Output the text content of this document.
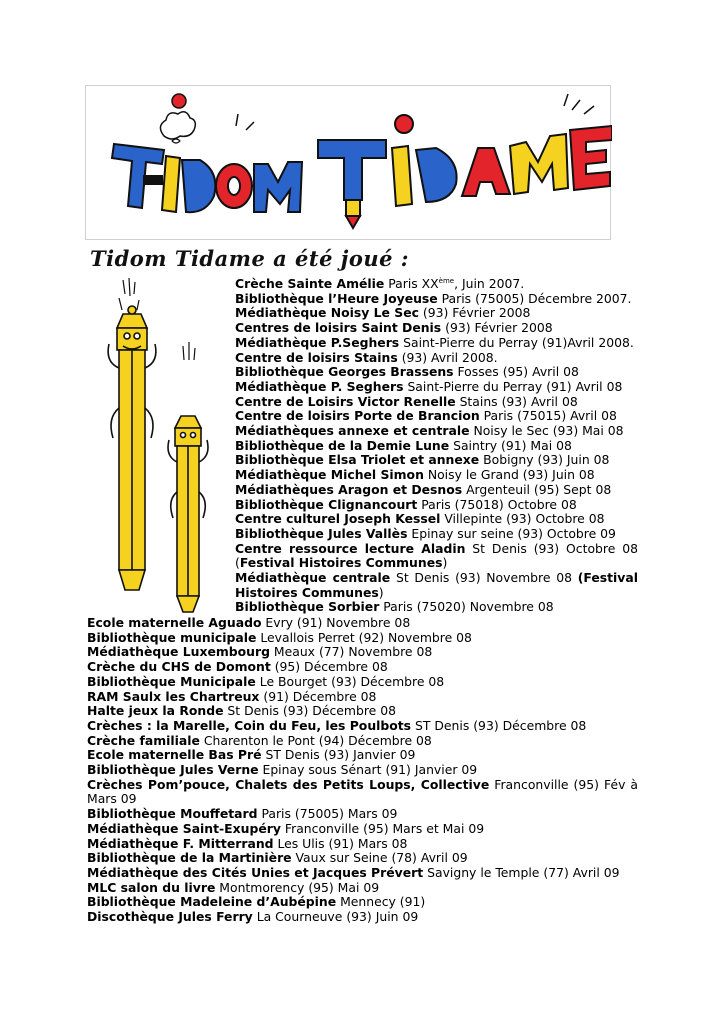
Tidom Tidame a été joué :
Crèche Sainte Amélie Paris XXème, Juin 2007.
Bibliothèque l’Heure Joyeuse Paris (75005) Décembre 2007.
Médiathèque Noisy Le Sec (93) Février 2008
Centres de loisirs Saint Denis (93) Février 2008
Médiathèque P.Seghers Saint-Pierre du Perray (91)Avril 2008.
Centre de loisirs Stains (93) Avril 2008.
Bibliothèque Georges Brassens Fosses (95) Avril 08
Médiathèque P. Seghers Saint-Pierre du Perray (91) Avril 08
Centre de Loisirs Victor Renelle Stains (93) Avril 08
Centre de loisirs Porte de Brancion Paris (75015) Avril 08
Médiathèques annexe et centrale Noisy le Sec (93) Mai 08
Bibliothèque de la Demie Lune Saintry (91) Mai 08
Bibliothèque Elsa Triolet et annexe Bobigny (93) Juin 08
Médiathèque Michel Simon Noisy le Grand (93) Juin 08
Médiathèques Aragon et Desnos Argenteuil (95) Sept 08
Bibliothèque Clignancourt Paris (75018) Octobre 08
Centre culturel Joseph Kessel Villepinte (93) Octobre 08
Bibliothèque Jules Vallès Epinay sur seine (93) Octobre 09
Centre ressource lecture Aladin St Denis (93) Octobre 08 (Festival Histoires Communes)
Médiathèque centrale St Denis (93) Novembre 08 (Festival Histoires Communes)
Bibliothèque Sorbier Paris (75020) Novembre 08
Ecole maternelle Aguado Evry (91) Novembre 08
Bibliothèque municipale Levallois Perret (92) Novembre 08
Médiathèque Luxembourg Meaux (77) Novembre 08
Crèche du CHS de Domont (95) Décembre 08
Bibliothèque Municipale Le Bourget (93) Décembre 08
RAM Saulx les Chartreux (91) Décembre 08
Halte jeux la Ronde St Denis (93) Décembre 08
Crèches : la Marelle, Coin du Feu, les Poulbots ST Denis (93) Décembre 08
Crèche familiale Charenton le Pont (94) Décembre 08
Ecole maternelle Bas Pré ST Denis (93) Janvier 09
Bibliothèque Jules Verne Epinay sous Sénart (91) Janvier 09
Crèches Pom’pouce, Chalets des Petits Loups, Collective Franconville (95) Fév à Mars 09
Bibliothèque Mouffetard Paris (75005) Mars 09
Médiathèque Saint-Exupéry Franconville (95) Mars et Mai 09
Médiathèque F. Mitterrand Les Ulis (91) Mars 08
Bibliothèque de la Martinière Vaux sur Seine (78) Avril 09
Médiathèque des Cités Unies et Jacques Prévert Savigny le Temple (77) Avril 09
MLC salon du livre Montmorency (95) Mai 09
Bibliothèque Madeleine d’Aubépine Mennecy (91)
Discothèque Jules Ferry La Courneuve (93) Juin 09
